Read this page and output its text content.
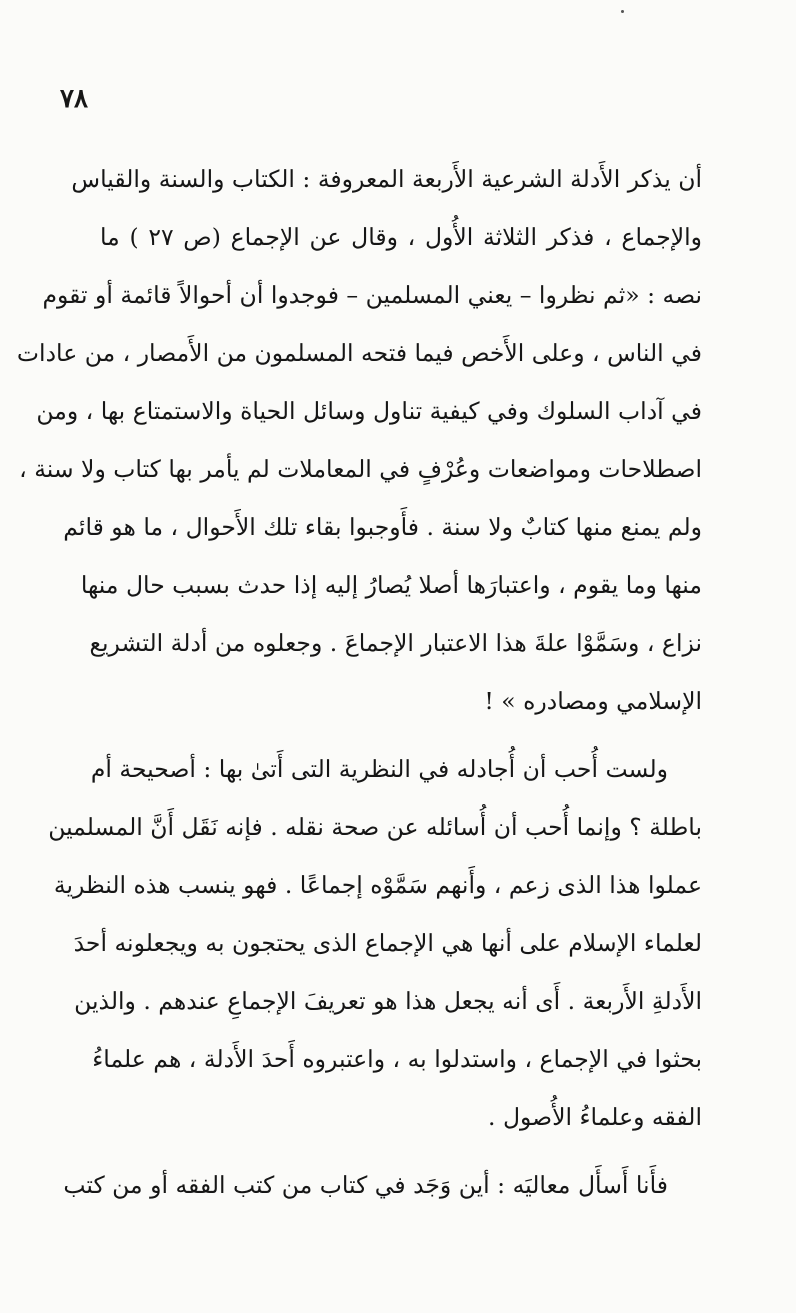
٧٨
أن يذكر الأَدلة الشرعية الأَربعة المعروفة : الكتاب والسنة والقياس
والإجماع ، فذكر الثلاثة الأُول ، وقال عن الإجماع (ص ٢٧ ) ما
نصه : «ثم نظروا – يعني المسلمين – فوجدوا أن أحوالاً قائمة أو تقوم
في الناس ، وعلى الأَخص فيما فتحه المسلمون من الأَمصار ، من عادات
في آداب السلوك وفي كيفية تناول وسائل الحياة والاستمتاع بها ، ومن
اصطلاحات ومواضعات وعُرْفٍ في المعاملات لم يأمر بها كتاب ولا سنة ،
ولم يمنع منها كتابٌ ولا سنة . فأَوجبوا بقاء تلك الأَحوال ، ما هو قائم
منها وما يقوم ، واعتبارَها أصلا يُصارُ إليه إذا حدث بسبب حال منها
نزاع ، وسَمَّوْا علةَ هذا الاعتبار الإجماعَ . وجعلوه من أدلة التشريع
الإسلامي ومصادره » !
ولست أُحب أن أُجادله في النظرية التى أَتىٰ بها : أصحيحة أم
باطلة ؟ وإنما أُحب أن أُسائله عن صحة نقله . فإنه نَقَل أَنَّ المسلمين
عملوا هذا الذى زعم ، وأَنهم سَمَّوْه إجماعًا . فهو ينسب هذه النظرية
لعلماء الإسلام على أنها هي الإجماع الذى يحتجون به ويجعلونه أحدَ
الأَدلةِ الأَربعة . أَى أنه يجعل هذا هو تعريفَ الإجماعِ عندهم . والذين
بحثوا في الإجماع ، واستدلوا به ، واعتبروه أَحدَ الأَدلة ، هم علماءُ
الفقه وعلماءُ الأُصول .
فأَنا أَسأَل معاليَه : أين وَجَد في كتاب من كتب الفقه أو من كتب
